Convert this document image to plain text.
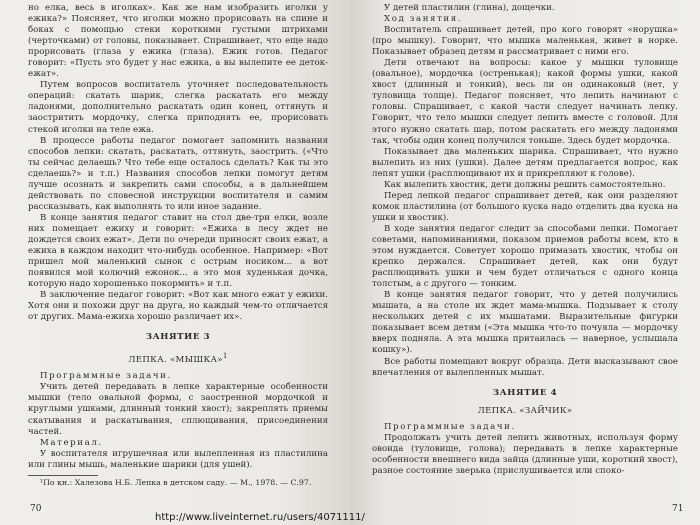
но елка, весь в иголках». Как же нам изобразить иголки у ежика?» Поясняет, что иголки можно прорисовать на спине и боках с помощью стеки короткими густыми штрихами (черточками) от головы, показывает. Спрашивает, что еще надо прорисовать (глаза у ежика (глаза). Ежик готов. Педагог говорит: «Пусть это будет у нас ежика, а вы вылепите ее деток-ежат».

Путем вопросов воспитатель уточняет последовательность операций: скатать шарик, слегка раскатать его между ладонями, дополнительно раскатать один конец, оттянуть и заостритить мордочку, слегка приподнять ее, прорисовать стекой иголки на теле ежа.

В процессе работы педагог помогает запомнить названия способов лепки: скатать, раскатать, оттянуть, заострить. («Что ты сейчас делаешь? Что тебе еще осталось сделать? Как ты это сделаешь?» и т.п.) Названия способов лепки помогут детям лучше осознать и закрепить сами способы, а в дальнейшем действовать по словесной инструкции воспитателя и самим рассказывать, как выполнять то или иное задание.

В конце занятия педагог ставит на стол две-три елки, возле них помещает ежиху и говорит: «Ежиха в лесу ждет не дождется своих ежат». Дети по очереди приносят своих ежат, а ежиха в каждом находит что-нибудь особенное. Например: «Вот пришел мой маленький сынок с острым носиком... а вот появился мой колючий ежонок... а это моя худенькая дочка, которую надо хорошенько покормить» и т.п.

В заключение педагог говорит: «Вот как много ежат у ежихи. Хотя они и похожи друг на друга, но каждый чем-то отличается от других. Мама-ежиха хорошо различает их».

ЗАНЯТИЕ 3

ЛЕПКА. «МЫШКА»$^1$

Программные задачи.

Учить детей передавать в лепке характерные особенности мышки (тело овальной формы, с заостренной мордочкой и круглыми ушками, длинный тонкий хвост); закреплять приемы скатывания и раскатывания, сплющивания, присоединения частей.

Материал.

У воспитателя игрушечная или вылепленная из пластилина или глины мышь, маленькие шарики (для ушей).

¹По кн.: Халезова Н.Б. Лепка в детском саду. — М., 1978. — С.97.

70

У детей пластилин (глина), дощечки.

Ход занятия.

Воспитатель спрашивает детей, про кого говорят «норушка» (про мышку). Говорит, что мышка маленькая, живет в норке. Показывает образец детям и рассматривает с ними его.

Дети отвечают на вопросы: какое у мышки туловище (овальное), мордочка (остренькая); какой формы ушки, какой хвост (длинный и тонкий), весь ли он одинаковый (нет, у туловища толще). Педагог поясняет, что лепить начинают с головы. Спрашивает, с какой части следует начинать лепку. Говорит, что тело мышки следует лепить вместе с головой. Для этого нужно скатать шар, потом раскатать его между ладонями так, чтобы один конец получился тоньше. Здесь будет мордочка.

Показывает два маленьких шарика. Спрашивает, что нужно вылепить из них (ушки). Далее детям предлагается вопрос, как лепят ушки (расплющивают их и прикрепляют к голове).

Как вылепить хвостик, дети должны решить самостоятельно.

Перед лепкой педагог спрашивает детей, как они разделяют комок пластилина (от большого куска надо отделить два куска на ушки и хвостик).

В ходе занятия педагог следит за способами лепки. Помогает советами, напоминаниями, показом приемов работы всем, кто в этом нуждается. Советует хорошо примазать хвостик, чтобы он крепко держался. Спрашивает детей, как они будут расплющивать ушки и чем будет отличаться с одного конца толстым, а с другого — тонким.

В конце занятия педагог говорит, что у детей получились мышата, а на столе их ждет мама-мышка. Подзывает к столу нескольких детей с их мышатами. Выразительные фигурки показывает всем детям («Эта мышка что-то почуяла — мордочку вверх подняла. А эта мышка притаилась — наверное, услышала кошку»).

Все работы помещают вокруг образца. Дети высказывают свое впечатления от вылепленных мышат.

ЗАНЯТИЕ 4

ЛЕПКА. «ЗАЙЧИК»

Программные задачи.

Продолжать учить детей лепить животных, используя форму овоида (туловище, голова); передавать в лепке характерные особенности внешнего вида зайца (длинные уши, короткий хвост), разное состояние зверька (прислушивается или споко-

71
http://www.liveinternet.ru/users/4071111/
